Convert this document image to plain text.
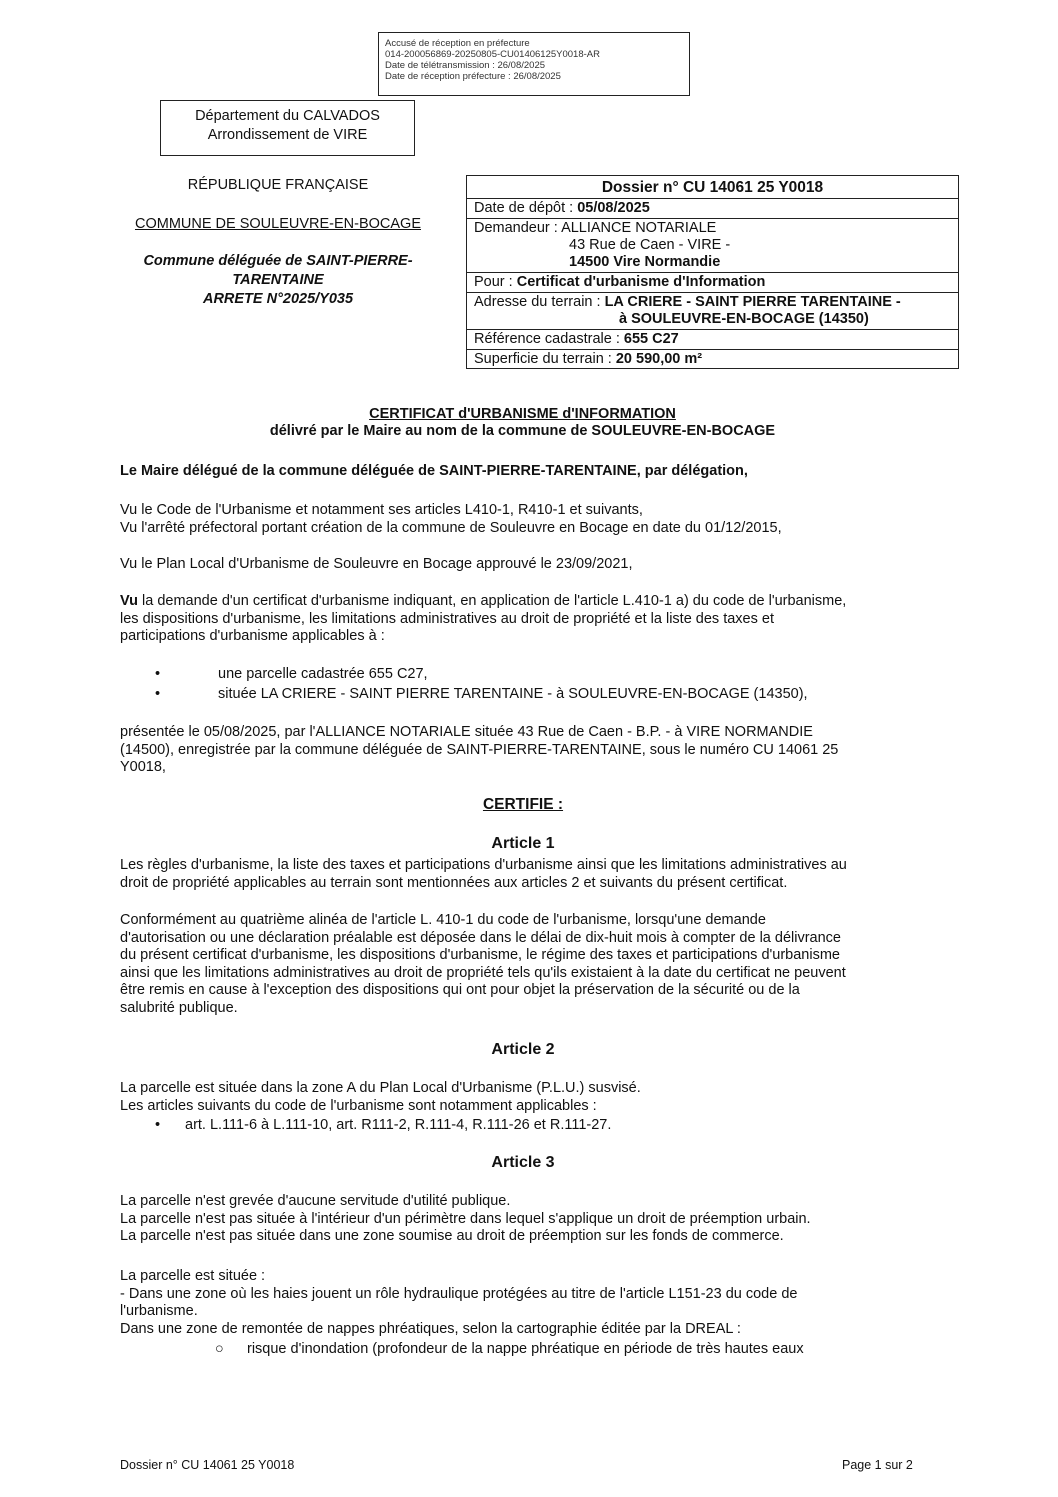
Accusé de réception en préfecture
014-200056869-20250805-CU01406125Y0018-AR
Date de télétransmission : 26/08/2025
Date de réception préfecture : 26/08/2025
Département du CALVADOS
Arrondissement de VIRE
RÉPUBLIQUE FRANÇAISE
COMMUNE DE SOULEUVRE-EN-BOCAGE
Commune déléguée de SAINT-PIERRE-
TARENTAINE
ARRETE N°2025/Y035
Dossier n° CU 14061 25 Y0018
Date de dépôt : 05/08/2025
Demandeur : ALLIANCE NOTARIALE
43 Rue de Caen - VIRE -
14500 Vire Normandie
Pour : Certificat d'urbanisme d'Information
Adresse du terrain : LA CRIERE - SAINT PIERRE TARENTAINE -
à SOULEUVRE-EN-BOCAGE (14350)
Référence cadastrale : 655 C27
Superficie du terrain : 20 590,00 m²
CERTIFICAT d'URBANISME d'INFORMATION
délivré par le Maire au nom de la commune de SOULEUVRE-EN-BOCAGE
Le Maire délégué de la commune déléguée de SAINT-PIERRE-TARENTAINE, par délégation,
Vu le Code de l'Urbanisme et notamment ses articles L410-1, R410-1 et suivants,
Vu l'arrêté préfectoral portant création de la commune de Souleuvre en Bocage en date du 01/12/2015,
Vu le Plan Local d'Urbanisme de Souleuvre en Bocage approuvé le 23/09/2021,
Vu la demande d'un certificat d'urbanisme indiquant, en application de l'article L.410-1 a) du code de l'urbanisme,
les dispositions d'urbanisme, les limitations administratives au droit de propriété et la liste des taxes et
participations d'urbanisme applicables à :
•	une parcelle cadastrée 655 C27,
•	située LA CRIERE - SAINT PIERRE TARENTAINE - à SOULEUVRE-EN-BOCAGE (14350),
présentée le 05/08/2025, par l'ALLIANCE NOTARIALE située 43 Rue de Caen - B.P. - à VIRE NORMANDIE
(14500), enregistrée par la commune déléguée de SAINT-PIERRE-TARENTAINE, sous le numéro CU 14061 25
Y0018,
CERTIFIE :
Article 1
Les règles d'urbanisme, la liste des taxes et participations d'urbanisme ainsi que les limitations administratives au
droit de propriété applicables au terrain sont mentionnées aux articles 2 et suivants du présent certificat.
Conformément au quatrième alinéa de l'article L. 410-1 du code de l'urbanisme, lorsqu'une demande
d'autorisation ou une déclaration préalable est déposée dans le délai de dix-huit mois à compter de la délivrance
du présent certificat d'urbanisme, les dispositions d'urbanisme, le régime des taxes et participations d'urbanisme
ainsi que les limitations administratives au droit de propriété tels qu'ils existaient à la date du certificat ne peuvent
être remis en cause à l'exception des dispositions qui ont pour objet la préservation de la sécurité ou de la
salubrité publique.
Article 2
La parcelle est située dans la zone A du Plan Local d'Urbanisme (P.L.U.) susvisé.
Les articles suivants du code de l'urbanisme sont notamment applicables :
• art. L.111-6 à L.111-10, art. R111-2, R.111-4, R.111-26 et R.111-27.
Article 3
La parcelle n'est grevée d'aucune servitude d'utilité publique.
La parcelle n'est pas située à l'intérieur d'un périmètre dans lequel s'applique un droit de préemption urbain.
La parcelle n'est pas située dans une zone soumise au droit de préemption sur les fonds de commerce.
La parcelle est située :
- Dans une zone où les haies jouent un rôle hydraulique protégées au titre de l'article L151-23 du code de
l'urbanisme.
Dans une zone de remontée de nappes phréatiques, selon la cartographie éditée par la DREAL :
○ risque d'inondation (profondeur de la nappe phréatique en période de très hautes eaux
Dossier n° CU 14061 25 Y0018	Page 1 sur 2
